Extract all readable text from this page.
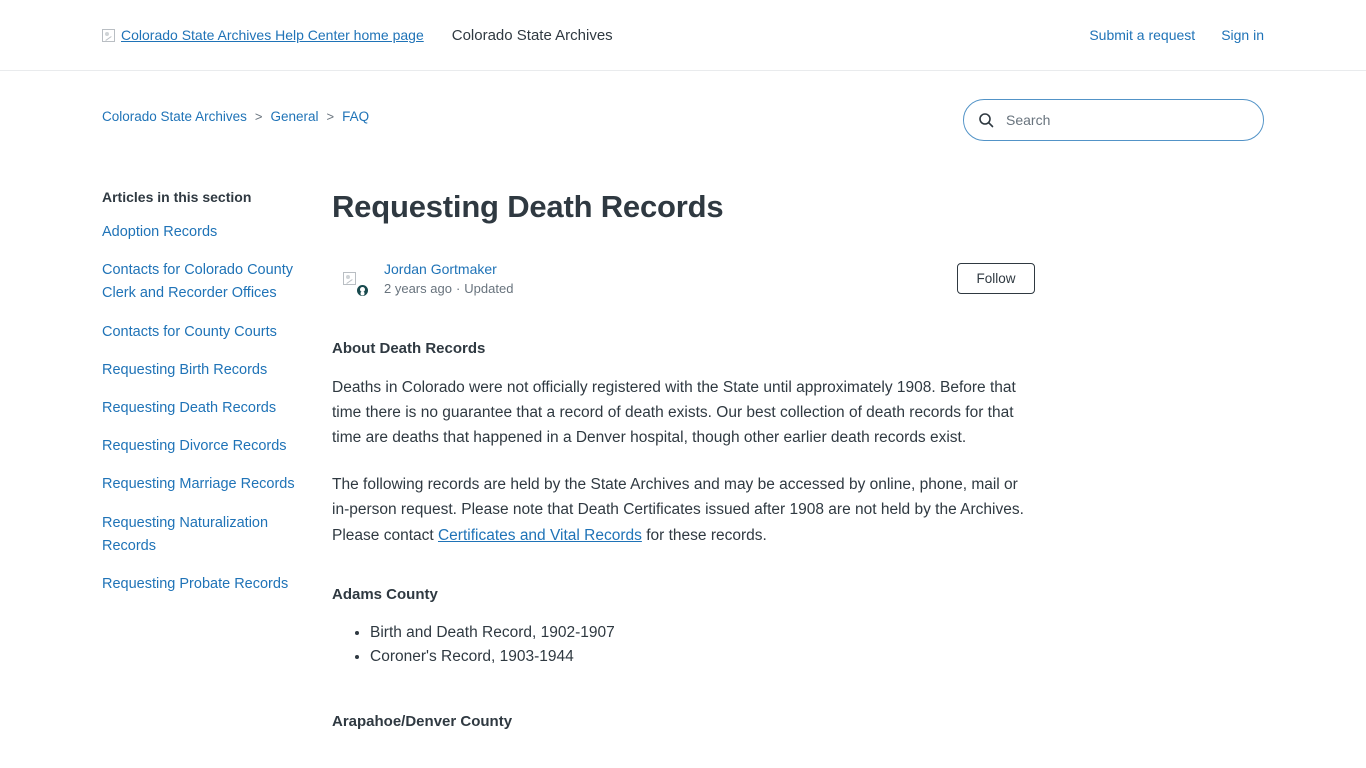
Colorado State Archives Help Center home page Colorado State Archives	Submit a request Sign in
Colorado State Archives > General > FAQ
Search
Articles in this section
Adoption Records
Contacts for Colorado County Clerk and Recorder Offices
Contacts for County Courts
Requesting Birth Records
Requesting Death Records
Requesting Divorce Records
Requesting Marriage Records
Requesting Naturalization Records
Requesting Probate Records
Requesting Death Records
Jordan Gortmaker
2 years ago · Updated
Follow
About Death Records

Deaths in Colorado were not officially registered with the State until approximately 1908. Before that time there is no guarantee that a record of death exists. Our best collection of death records for that time are deaths that happened in a Denver hospital, though other earlier death records exist.

The following records are held by the State Archives and may be accessed by online, phone, mail or in-person request. Please note that Death Certificates issued after 1908 are not held by the Archives. Please contact Certificates and Vital Records for these records.

Adams County
• Birth and Death Record, 1902-1907
• Coroner's Record, 1903-1944
Arapahoe/Denver County
